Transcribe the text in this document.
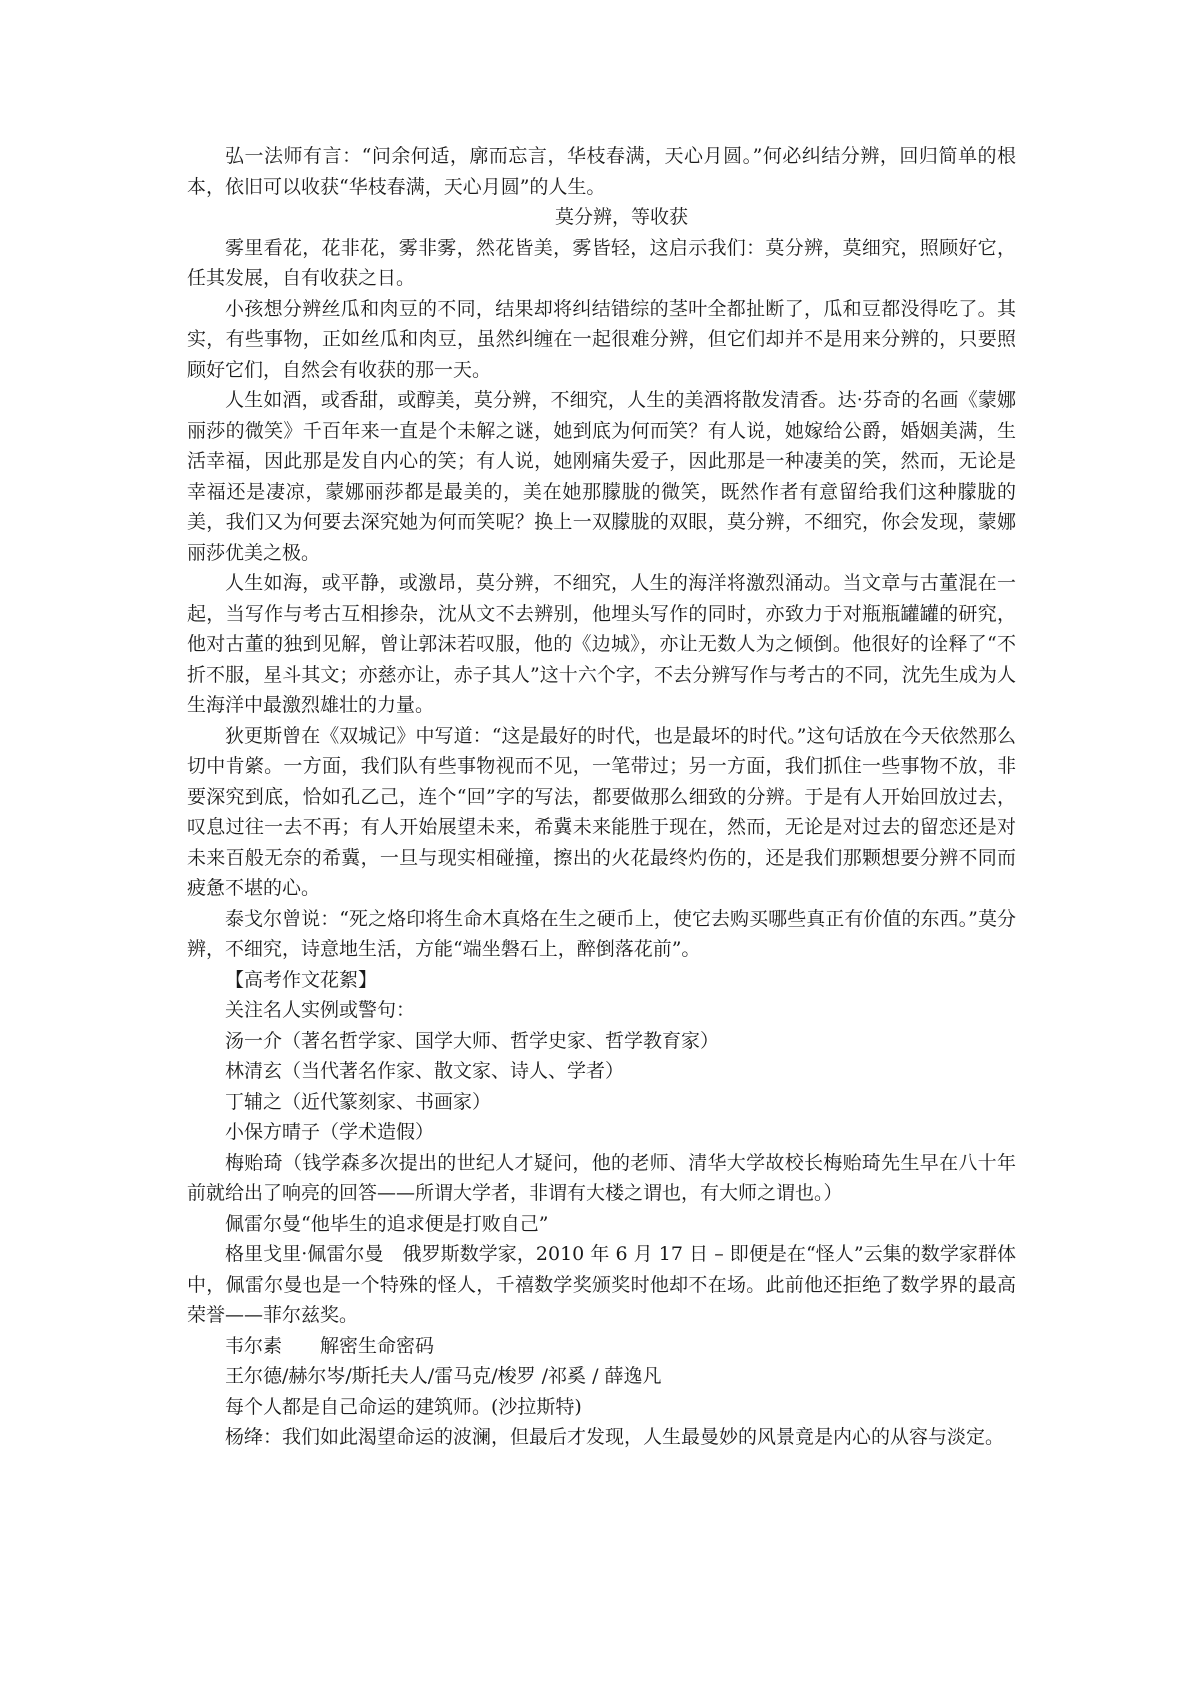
弘一法师有言：“问余何适，廓而忘言，华枝春满，天心月圆。”何必纠结分辨，回归简单的根本，依旧可以收获“华枝春满，天心月圆”的人生。

莫分辨，等收获

雾里看花，花非花，雾非雾，然花皆美，雾皆轻，这启示我们：莫分辨，莫细究，照顾好它，任其发展，自有收获之日。

小孩想分辨丝瓜和肉豆的不同，结果却将纠结错综的茎叶全都扯断了，瓜和豆都没得吃了。其实，有些事物，正如丝瓜和肉豆，虽然纠缠在一起很难分辨，但它们却并不是用来分辨的，只要照顾好它们，自然会有收获的那一天。

人生如酒，或香甜，或醇美，莫分辨，不细究，人生的美酒将散发清香。达·芬奇的名画《蒙娜丽莎的微笑》千百年来一直是个未解之谜，她到底为何而笑？有人说，她嫁给公爵，婚姻美满，生活幸福，因此那是发自内心的笑；有人说，她刚痛失爱子，因此那是一种凄美的笑，然而，无论是幸福还是凄凉，蒙娜丽莎都是最美的，美在她那朦胧的微笑，既然作者有意留给我们这种朦胧的美，我们又为何要去深究她为何而笑呢？换上一双朦胧的双眼，莫分辨，不细究，你会发现，蒙娜丽莎优美之极。

人生如海，或平静，或激昂，莫分辨，不细究，人生的海洋将激烈涌动。当文章与古董混在一起，当写作与考古互相掺杂，沈从文不去辨别，他埋头写作的同时，亦致力于对瓶瓶罐罐的研究，他对古董的独到见解，曾让郭沫若叹服，他的《边城》，亦让无数人为之倾倒。他很好的诠释了“不折不服，星斗其文；亦慈亦让，赤子其人”这十六个字，不去分辨写作与考古的不同，沈先生成为人生海洋中最激烈雄壮的力量。

狄更斯曾在《双城记》中写道：“这是最好的时代，也是最坏的时代。”这句话放在今天依然那么切中肯綮。一方面，我们队有些事物视而不见，一笔带过；另一方面，我们抓住一些事物不放，非要深究到底，恰如孔乙己，连个“回”字的写法，都要做那么细致的分辨。于是有人开始回放过去，叹息过往一去不再；有人开始展望未来，希冀未来能胜于现在，然而，无论是对过去的留恋还是对未来百般无奈的希冀，一旦与现实相碰撞，擦出的火花最终灼伤的，还是我们那颗想要分辨不同而疲惫不堪的心。

泰戈尔曾说：“死之烙印将生命木真烙在生之硬币上，使它去购买哪些真正有价值的东西。”莫分辨，不细究，诗意地生活，方能“端坐磐石上，醉倒落花前”。

【高考作文花絮】

关注名人实例或警句：

汤一介（著名哲学家、国学大师、哲学史家、哲学教育家）

林清玄（当代著名作家、散文家、诗人、学者）

丁辅之（近代篆刻家、书画家）

小保方晴子（学术造假）

梅贻琦（钱学森多次提出的世纪人才疑问，他的老师、清华大学故校长梅贻琦先生早在八十年前就给出了响亮的回答——所谓大学者，非谓有大楼之谓也，有大师之谓也。）

佩雷尔曼“他毕生的追求便是打败自己”

格里戈里·佩雷尔曼　俄罗斯数学家，2010 年 6 月 17 日 – 即便是在“怪人”云集的数学家群体中，佩雷尔曼也是一个特殊的怪人，千禧数学奖颁奖时他却不在场。此前他还拒绝了数学界的最高荣誉——菲尔兹奖。

韦尔素　　解密生命密码

王尔德/赫尔岑/斯托夫人/雷马克/梭罗 /祁奚 / 薛逸凡

每个人都是自己命运的建筑师。(沙拉斯特)

杨绛：我们如此渴望命运的波澜，但最后才发现，人生最曼妙的风景竟是内心的从容与淡定。
